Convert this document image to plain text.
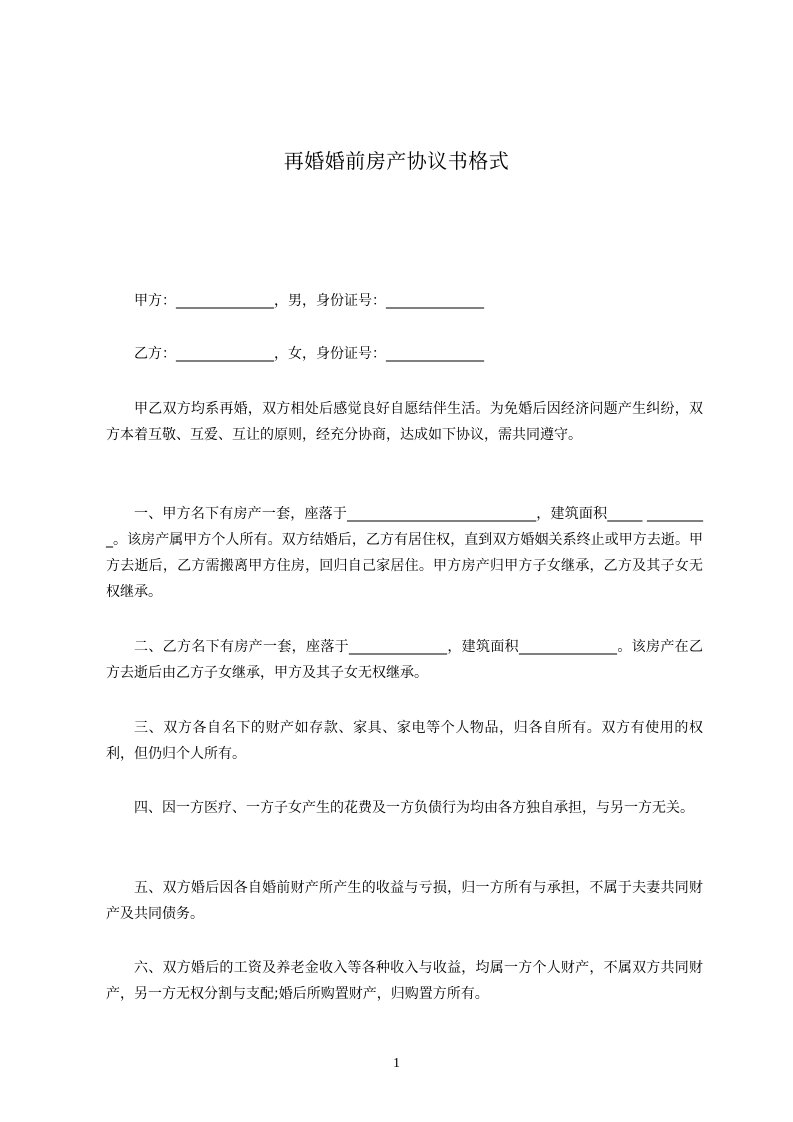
再婚婚前房产协议书格式

甲方：______________，男，身份证号：______________

乙方：______________，女，身份证号：______________

甲乙双方均系再婚，双方相处后感觉良好自愿结伴生活。为免婚后因经济问题产生纠纷，双方本着互敬、互爱、互让的原则，经充分协商，达成如下协议，需共同遵守。

一、甲方名下有房产一套，座落于___________________________，建筑面积_____ _________。该房产属甲方个人所有。双方结婚后，乙方有居住权，直到双方婚姻关系终止或甲方去逝。甲方去逝后，乙方需搬离甲方住房，回归自己家居住。甲方房产归甲方子女继承，乙方及其子女无权继承。

二、乙方名下有房产一套，座落于______________，建筑面积______________。该房产在乙方去逝后由乙方子女继承，甲方及其子女无权继承。

三、双方各自名下的财产如存款、家具、家电等个人物品，归各自所有。双方有使用的权利，但仍归个人所有。

四、因一方医疗、一方子女产生的花费及一方负债行为均由各方独自承担，与另一方无关。

五、双方婚后因各自婚前财产所产生的收益与亏损，归一方所有与承担，不属于夫妻共同财产及共同债务。

六、双方婚后的工资及养老金收入等各种收入与收益，均属一方个人财产，不属双方共同财产，另一方无权分割与支配;婚后所购置财产，归购置方所有。

1
